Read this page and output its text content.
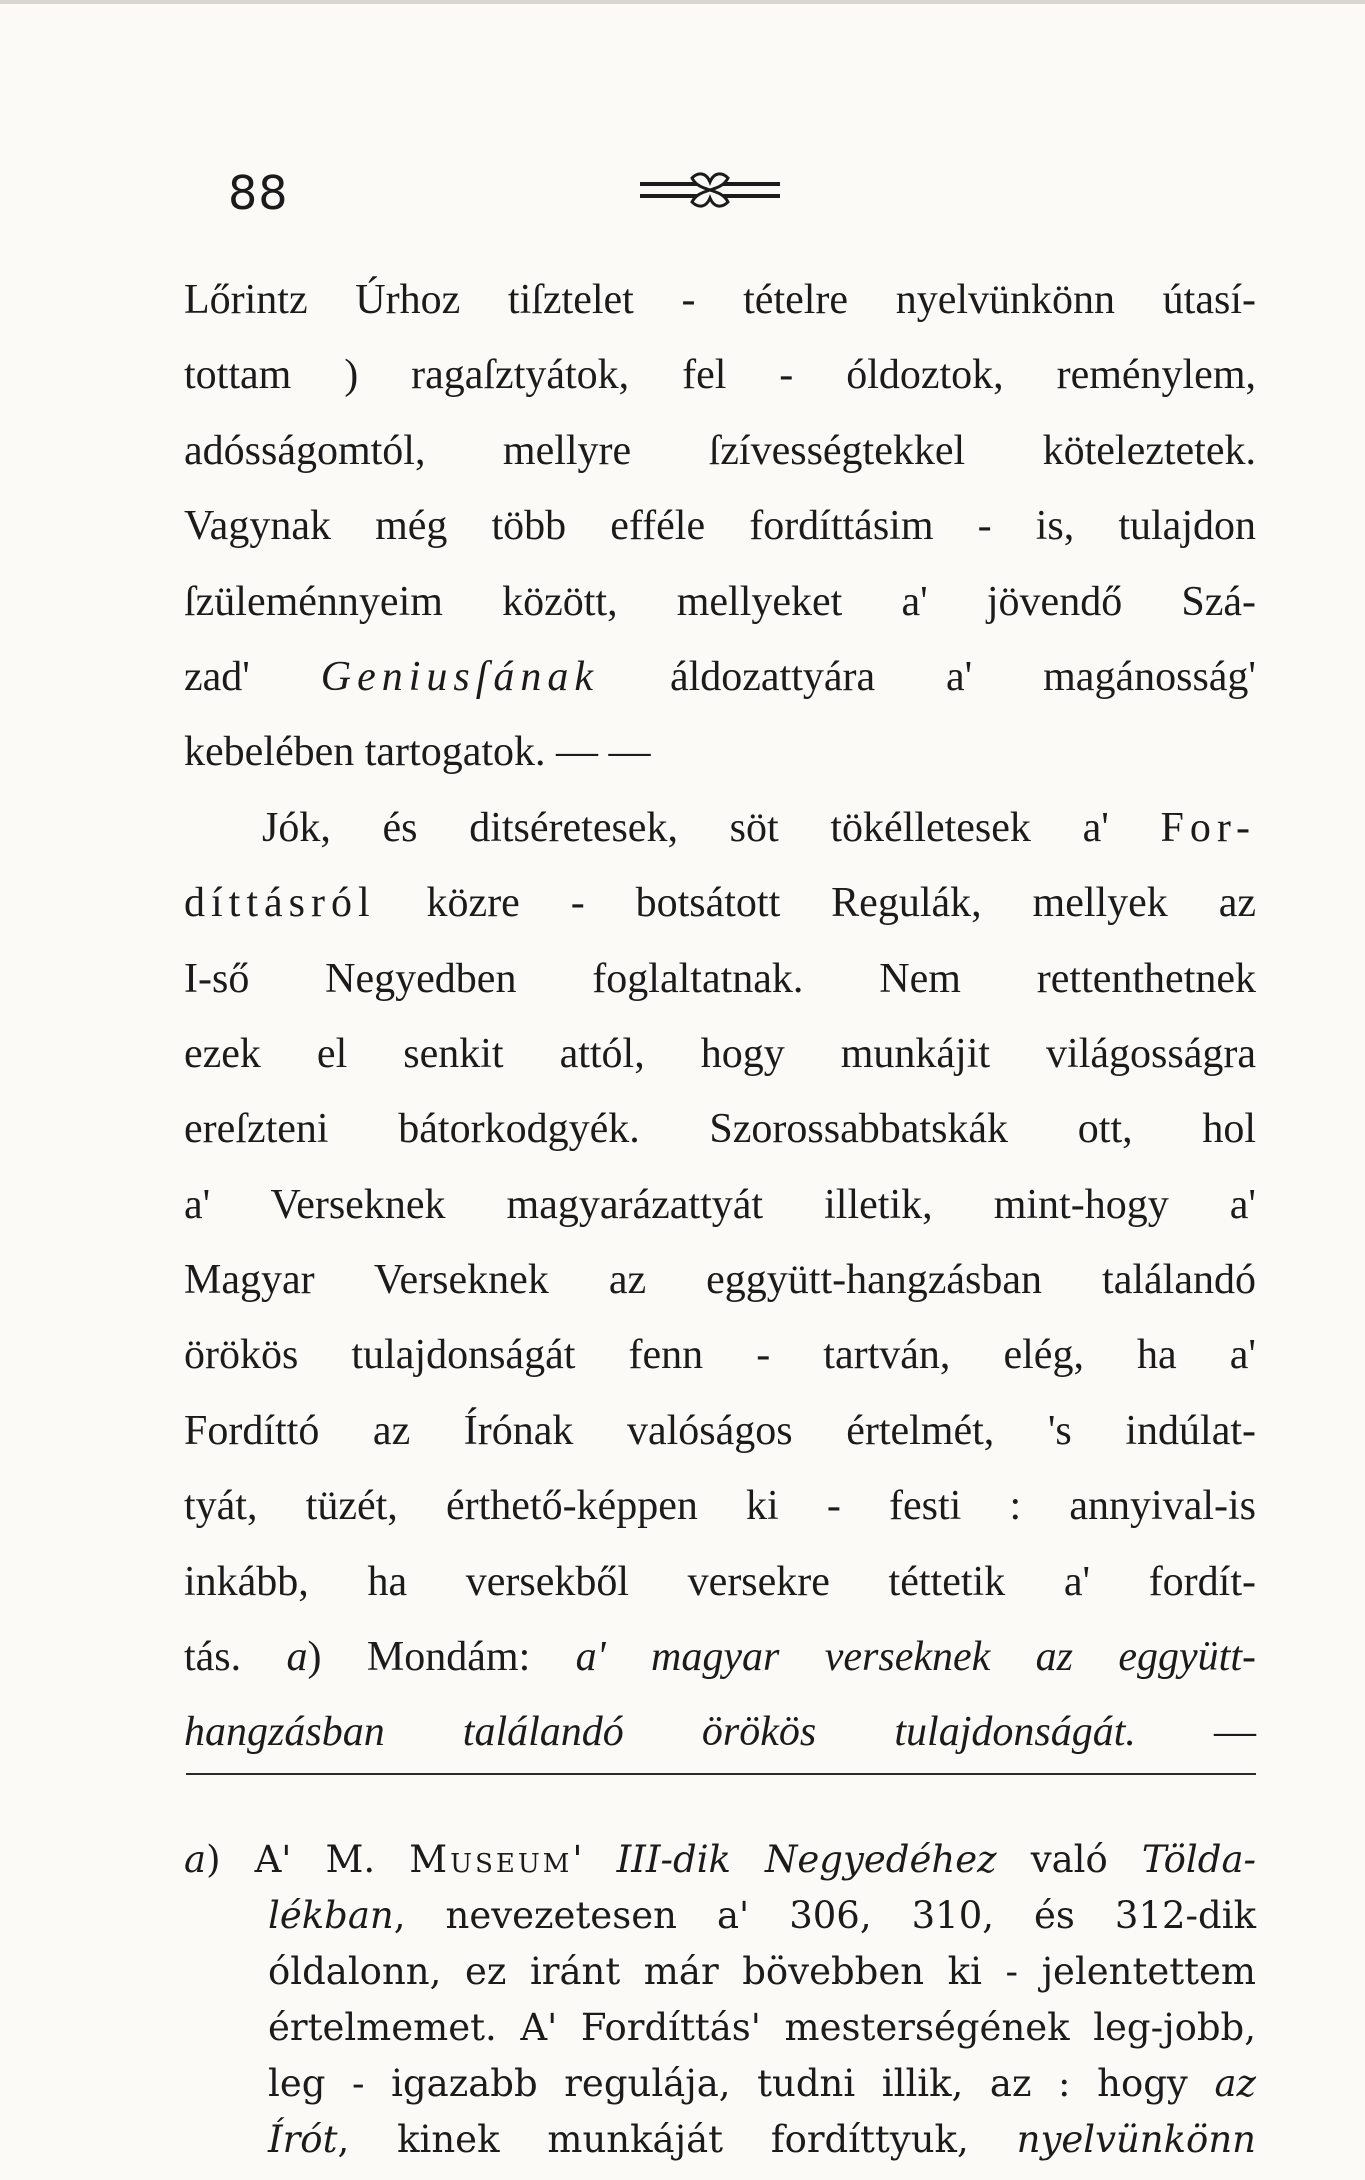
88
Lőrintz Úrhoz tiſztelet - tételre nyelvünkönn útasí-
tottam ) ragaſztyátok, fel - óldoztok, reménylem,
adósságomtól, mellyre ſzívességtekkel köteleztetek.
Vagynak még több efféle fordíttásim - is, tulajdon
ſzüleménnyeim között, mellyeket a' jövendő Szá-
zad' Geniusſának áldozattyára a' magánosság'
kebelében tartogatok. — —
Jók, és ditséretesek, söt tökélletesek a' For-
díttásról közre - botsátott Regulák, mellyek az
I-ső Negyedben foglaltatnak. Nem rettenthetnek
ezek el senkit attól, hogy munkájit világosságra
ereſzteni bátorkodgyék. Szorossabbatskák ott, hol
a' Verseknek magyarázattyát illetik, mint-hogy a'
Magyar Verseknek az eggyütt-hangzásban találandó
örökös tulajdonságát fenn - tartván, elég, ha a'
Fordíttó az Írónak valóságos értelmét, 's indúlat-
tyát, tüzét, érthető-képpen ki - festi : annyival-is
inkább, ha versekből versekre téttetik a' fordít-
tás. a) Mondám: a' magyar verseknek az eggyütt-
hangzásban találandó örökös tulajdonságát. —
a) A' M. Museum' III-dik Negyedéhez való Tölda-
lékban, nevezetesen a' 306, 310, és 312-dik
óldalonn, ez iránt már bövebben ki - jelentettem
értelmemet. A' Fordíttás' mesterségének leg-jobb,
leg - igazabb regulája, tudni illik, az : hogy az
Írót, kinek munkáját fordíttyuk, nyelvünkönn
